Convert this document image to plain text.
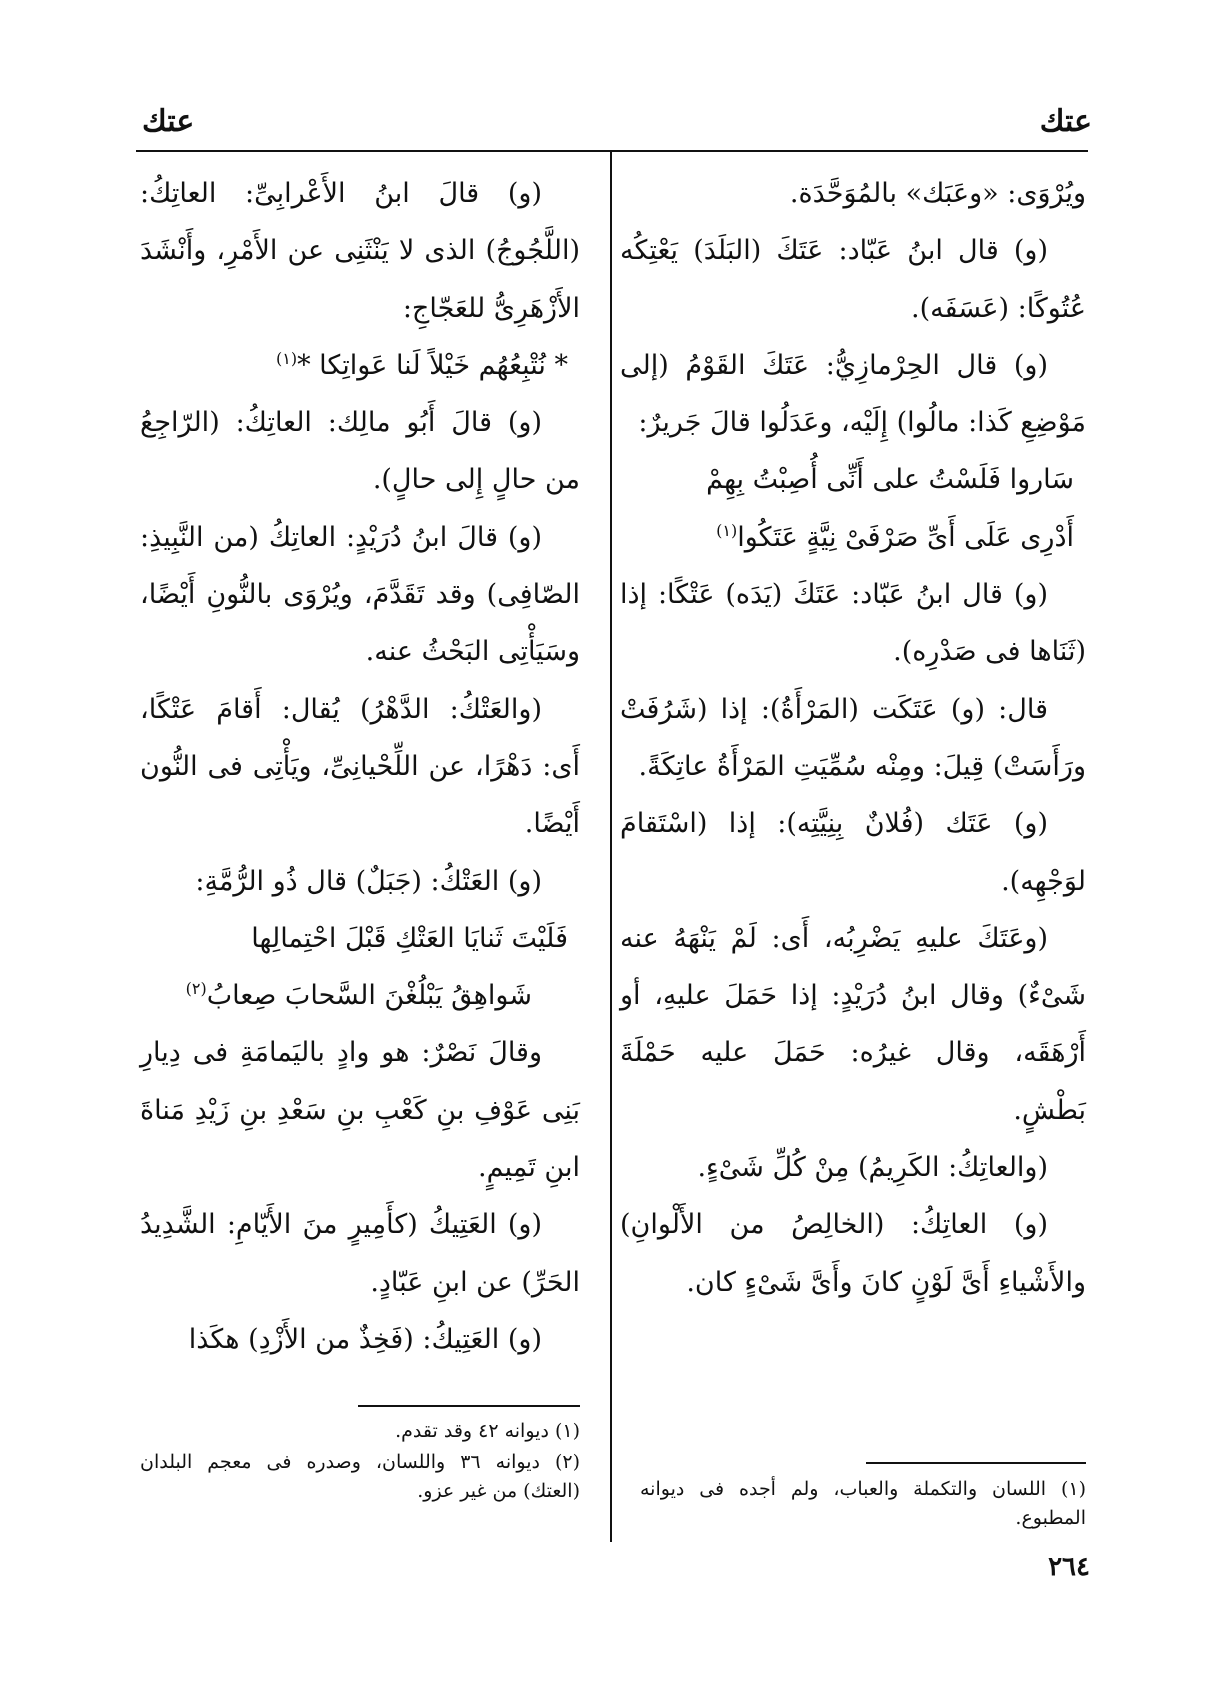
عتك
عتك

ويُرْوَى: «وعَبَك» بالمُوَحَّدَة.

(و) قال ابنُ عَبّاد: عَتَكَ (البَلَدَ) يَعْتِكُه عُتُوكًا: (عَسَفَه).

(و) قال الحِرْمازِيُّ: عَتَكَ القَوْمُ (إلى مَوْضِعِ كَذا: مالُوا) إِلَيْه، وعَدَلُوا قالَ جَريرٌ:

سَاروا فَلَسْتُ على أَنِّى أُصِبْتُ بِهِمْ

أَدْرِى عَلَى أَىِّ صَرْفَىْ نِيَّةٍ عَتَكُوا$^{(١)}$

(و) قال ابنُ عَبّاد: عَتَكَ (يَدَه) عَتْكًا: إذا (ثَنَاها فى صَدْرِه).

قال: (و) عَتَكَت (المَرْأَةُ): إذا (شَرُفَتْ ورَأَسَتْ) قِيلَ: ومِنْه سُمِّيَتِ المَرْأَةُ عاتِكَةً.

(و) عَتَك (فُلانٌ بِنِيَّتِه): إذا (اسْتَقامَ لوَجْهِه).

(وعَتَكَ عليهِ يَضْرِبُه، أَى: لَمْ يَنْهَهُ عنه شَىْءٌ) وقال ابنُ دُرَيْدٍ: إذا حَمَلَ عليهِ، أو أَرْهَقَه، وقال غيرُه: حَمَلَ عليه حَمْلَةَ بَطْشٍ.

(والعاتِكُ: الكَرِيمُ) مِنْ كُلِّ شَىْءٍ.

(و) العاتِكُ: (الخالِصُ من الأَلْوانِ) والأَشْياءِ أَىَّ لَوْنٍ كانَ وأَىَّ شَىْءٍ كان.

(و) قالَ ابنُ الأَعْرابِىِّ: العاتِكُ: (اللَّجُوجُ) الذى لا يَنْثَنِى عن الأَمْرِ، وأَنْشَدَ الأَزْهَرِىُّ للعَجّاجِ:

* نُتْبِعُهُم خَيْلاً لَنا عَواتِكا *$^{(١)}$

(و) قالَ أَبُو مالِك: العاتِكُ: (الرّاجِعُ من حالٍ إِلى حالٍ).

(و) قالَ ابنُ دُرَيْدٍ: العاتِكُ (من النَّبِيذِ: الصّافِى) وقد تَقَدَّمَ، ويُرْوَى بالنُّونِ أَيْضًا، وسَيَأْتِى البَحْثُ عنه.

(والعَتْكُ: الدَّهْرُ) يُقال: أَقامَ عَتْكًا، أَى: دَهْرًا، عن اللِّحْيانِىِّ، ويَأْتِى فى النُّون أَيْضًا.

(و) العَتْكُ: (جَبَلٌ) قال ذُو الرُّمَّةِ:

فَلَيْتَ ثَنايَا العَتْكِ قَبْلَ احْتِمالِها

شَواهِقُ يَبْلُغْنَ السَّحابَ صِعابُ$^{(٢)}$

وقالَ نَصْرٌ: هو وادٍ باليَمامَةِ فى دِيارِ بَنِى عَوْفِ بنِ كَعْبِ بنِ سَعْدِ بنِ زَيْدِ مَناةَ ابنِ تَمِيمٍ.

(و) العَتِيكُ (كأَمِيرٍ منَ الأَيّامِ: الشَّدِيدُ الحَرِّ) عن ابنِ عَبّادٍ.

(و) العَتِيكُ: (فَخِذٌ من الأَزْدِ) هكَذا

(١) اللسان والتكملة والعباب، ولم أجده فى ديوانه المطبوع.

(١) ديوانه ٤٢ وقد تقدم.

(٢) ديوانه ٣٦ واللسان، وصدره فى معجم البلدان (العتك) من غير عزو.

٢٦٤
